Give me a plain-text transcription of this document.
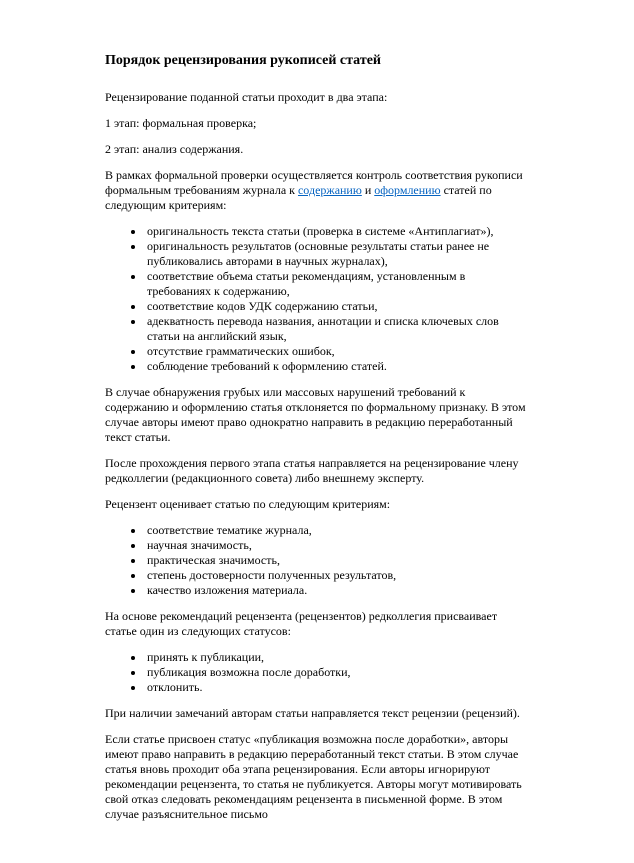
Порядок рецензирования рукописей статей

Рецензирование поданной статьи проходит в два этапа:

1 этап: формальная проверка;

2 этап: анализ содержания.

В рамках формальной проверки осуществляется контроль соответствия рукописи формальным требованиям журнала к содержанию и оформлению статей по следующим критериям:

• оригинальность текста статьи (проверка в системе «Антиплагиат»),
• оригинальность результатов (основные результаты статьи ранее не публиковались авторами в научных журналах),
• соответствие объема статьи рекомендациям, установленным в требованиях к содержанию,
• соответствие кодов УДК содержанию статьи,
• адекватность перевода названия, аннотации и списка ключевых слов статьи на английский язык,
• отсутствие грамматических ошибок,
• соблюдение требований к оформлению статей.

В случае обнаружения грубых или массовых нарушений требований к содержанию и оформлению статья отклоняется по формальному признаку. В этом случае авторы имеют право однократно направить в редакцию переработанный текст статьи.

После прохождения первого этапа статья направляется на рецензирование члену редколлегии (редакционного совета) либо внешнему эксперту.

Рецензент оценивает статью по следующим критериям:

• соответствие тематике журнала,
• научная значимость,
• практическая значимость,
• степень достоверности полученных результатов,
• качество изложения материала.

На основе рекомендаций рецензента (рецензентов) редколлегия присваивает статье один из следующих статусов:

• принять к публикации,
• публикация возможна после доработки,
• отклонить.

При наличии замечаний авторам статьи направляется текст рецензии (рецензий).

Если статье присвоен статус «публикация возможна после доработки», авторы имеют право направить в редакцию переработанный текст статьи. В этом случае статья вновь проходит оба этапа рецензирования. Если авторы игнорируют рекомендации рецензента, то статья не публикуется. Авторы могут мотивировать свой отказ следовать рекомендациям рецензента в письменной форме. В этом случае разъяснительное письмо
